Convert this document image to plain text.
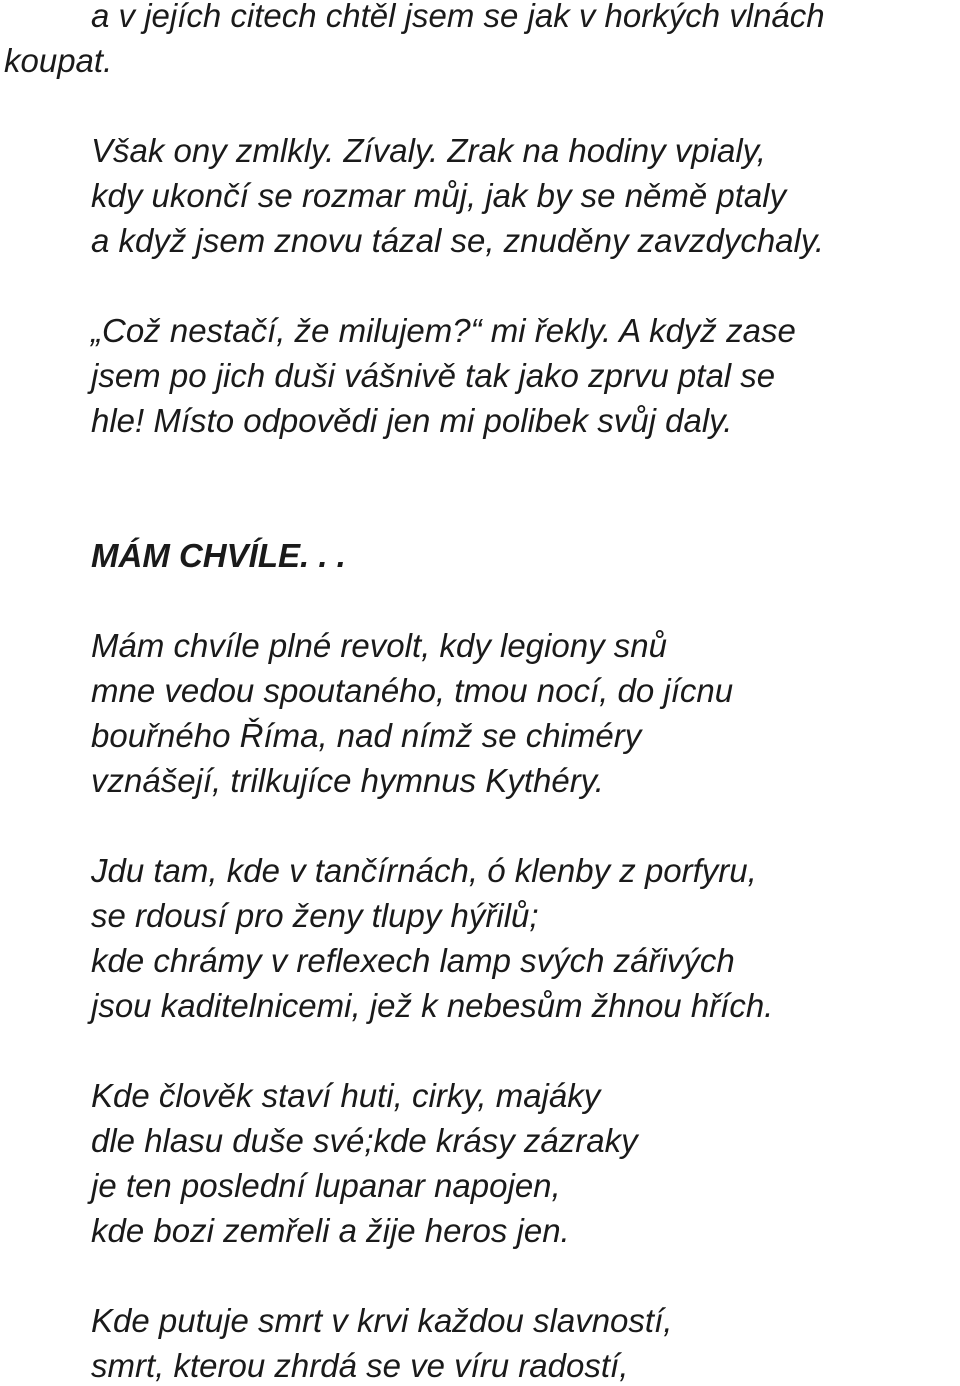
a v jejích citech chtěl jsem se jak v horkých vlnách
koupat.
Však ony zmlkly. Zívaly. Zrak na hodiny vpialy,
kdy ukončí se rozmar můj, jak by se němě ptaly
a když jsem znovu tázal se, znuděny zavzdychaly.
„Což nestačí, že milujem?“ mi řekly. A když zase
jsem po jich duši vášnivě tak jako zprvu ptal se
hle! Místo odpovědi jen mi polibek svůj daly.
MÁM CHVÍLE. . .
Mám chvíle plné revolt, kdy legiony snů
mne vedou spoutaného, tmou nocí, do jícnu
bouřného Říma, nad nímž se chiméry
vznášejí, trilkujíce hymnus Kythéry.
Jdu tam, kde v tančírnách, ó klenby z porfyru,
se rdousí pro ženy tlupy hýřilů;
kde chrámy v reflexech lamp svých zářivých
jsou kaditelnicemi, jež k nebesům žhnou hřích.
Kde člověk staví huti, cirky, majáky
dle hlasu duše své;kde krásy zázraky
je ten poslední lupanar napojen,
kde bozi zemřeli a žije heros jen.
Kde putuje smrt v krvi každou slavností,
smrt, kterou zhrdá se ve víru radostí,
